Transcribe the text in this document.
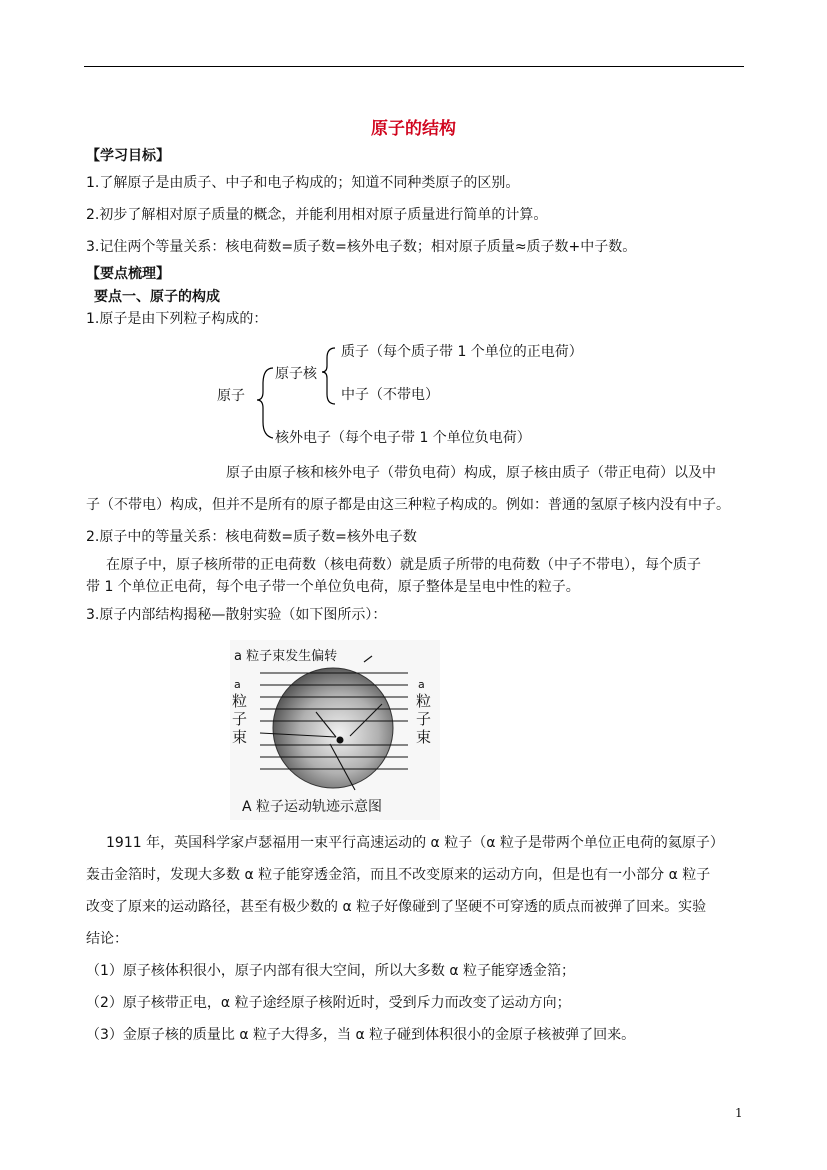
原子的结构
【学习目标】
1.了解原子是由质子、中子和电子构成的；知道不同种类原子的区别。
2.初步了解相对原子质量的概念，并能利用相对原子质量进行简单的计算。
3.记住两个等量关系：核电荷数=质子数=核外电子数；相对原子质量≈质子数+中子数。
【要点梳理】
要点一、原子的构成
1.原子是由下列粒子构成的：
原子
原子核
质子（每个质子带 1 个单位的正电荷）
中子（不带电）
核外电子（每个电子带 1 个单位负电荷）
原子由原子核和核外电子（带负电荷）构成，原子核由质子（带正电荷）以及中
子（不带电）构成，但并不是所有的原子都是由这三种粒子构成的。例如：普通的氢原子核内没有中子。
2.原子中的等量关系：核电荷数=质子数=核外电子数
在原子中，原子核所带的正电荷数（核电荷数）就是质子所带的电荷数（中子不带电），每个质子
带 1 个单位正电荷，每个电子带一个单位负电荷，原子整体是呈电中性的粒子。
3.原子内部结构揭秘—散射实验（如下图所示）：
a 粒子束发生偏转
a
粒
子
束
a
粒
子
束
A 粒子运动轨迹示意图
1911 年，英国科学家卢瑟福用一束平行高速运动的 α 粒子（α 粒子是带两个单位正电荷的氦原子）
轰击金箔时，发现大多数 α 粒子能穿透金箔，而且不改变原来的运动方向，但是也有一小部分 α 粒子
改变了原来的运动路径，甚至有极少数的 α 粒子好像碰到了坚硬不可穿透的质点而被弹了回来。实验
结论：
（1）原子核体积很小，原子内部有很大空间，所以大多数 α 粒子能穿透金箔；
（2）原子核带正电，α 粒子途经原子核附近时，受到斥力而改变了运动方向；
（3）金原子核的质量比 α 粒子大得多，当 α 粒子碰到体积很小的金原子核被弹了回来。
1
